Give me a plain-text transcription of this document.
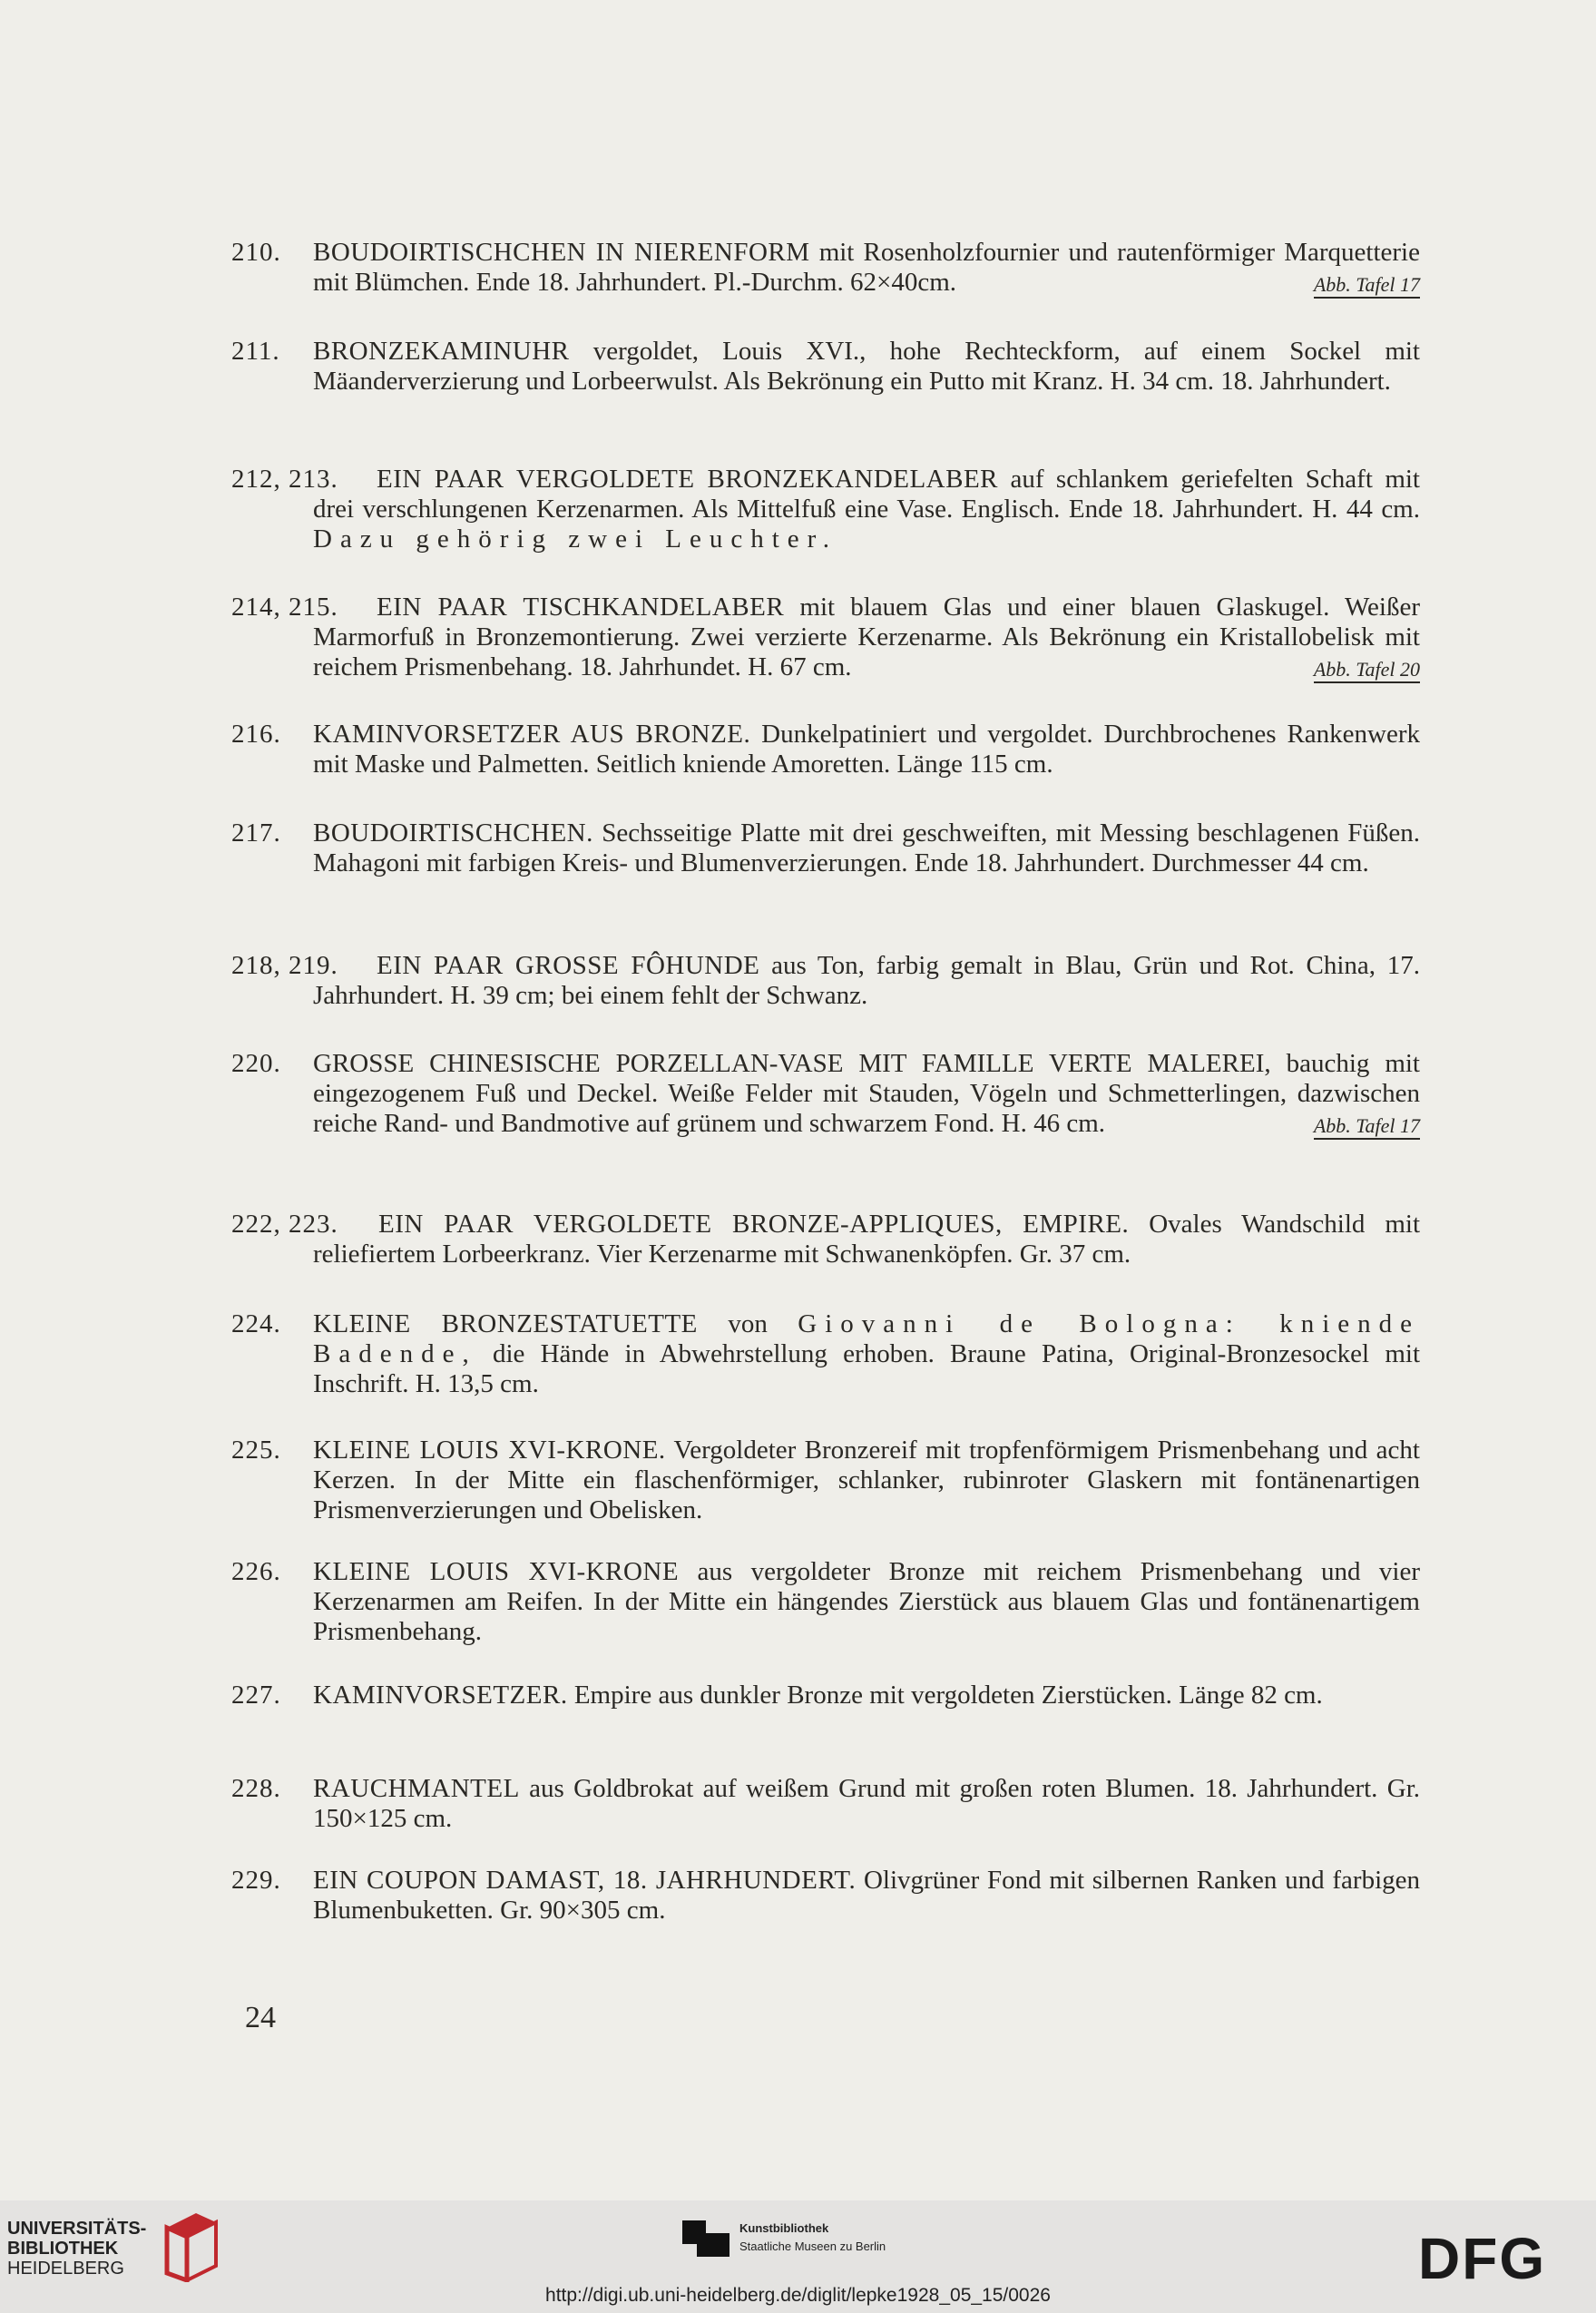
210.	BOUDOIRTISCHCHEN IN NIERENFORM mit Rosenholzfournier und rautenförmiger Marquetterie mit Blümchen. Ende 18. Jahrhundert. Pl.-Durchm. 62×40cm.	Abb. Tafel 17
211.	BRONZEKAMINUHR vergoldet, Louis XVI., hohe Rechteckform, auf einem Sockel mit Mäanderverzierung und Lorbeerwulst. Als Bekrönung ein Putto mit Kranz. H. 34 cm. 18. Jahrhundert.
212, 213.	EIN PAAR VERGOLDETE BRONZEKANDELABER auf schlankem geriefelten Schaft mit drei verschlungenen Kerzenarmen. Als Mittelfuß eine Vase. Englisch. Ende 18. Jahrhundert. H. 44 cm. Dazu gehörig zwei Leuchter.
214, 215.	EIN PAAR TISCHKANDELABER mit blauem Glas und einer blauen Glaskugel. Weißer Marmorfuß in Bronzemontierung. Zwei verzierte Kerzenarme. Als Bekrönung ein Kristallobelisk mit reichem Prismenbehang. 18. Jahrhundet. H. 67 cm.	Abb. Tafel 20
216.	KAMINVORSETZER AUS BRONZE. Dunkelpatiniert und vergoldet. Durchbrochenes Rankenwerk mit Maske und Palmetten. Seitlich kniende Amoretten. Länge 115 cm.
217.	BOUDOIRTISCHCHEN. Sechsseitige Platte mit drei geschweiften, mit Messing beschlagenen Füßen. Mahagoni mit farbigen Kreis- und Blumenverzierungen. Ende 18. Jahrhundert. Durchmesser 44 cm.
218, 219.	EIN PAAR GROSSE FÔHUNDE aus Ton, farbig gemalt in Blau, Grün und Rot. China, 17. Jahrhundert. H. 39 cm; bei einem fehlt der Schwanz.
220.	GROSSE CHINESISCHE PORZELLAN-VASE MIT FAMILLE VERTE MALEREI, bauchig mit eingezogenem Fuß und Deckel. Weiße Felder mit Stauden, Vögeln und Schmetterlingen, dazwischen reiche Rand- und Bandmotive auf grünem und schwarzem Fond. H. 46 cm.	Abb. Tafel 17
222, 223.	EIN PAAR VERGOLDETE BRONZE-APPLIQUES, EMPIRE. Ovales Wandschild mit reliefiertem Lorbeerkranz. Vier Kerzenarme mit Schwanenköpfen. Gr. 37 cm.
224.	KLEINE BRONZESTATUETTE von Giovanni de Bologna: kniende Badende, die Hände in Abwehrstellung erhoben. Braune Patina, Original-Bronzesockel mit Inschrift. H. 13,5 cm.
225.	KLEINE LOUIS XVI-KRONE. Vergoldeter Bronzereif mit tropfenförmigem Prismenbehang und acht Kerzen. In der Mitte ein flaschenförmiger, schlanker, rubinroter Glaskern mit fontänenartigen Prismenverzierungen und Obelisken.
226.	KLEINE LOUIS XVI-KRONE aus vergoldeter Bronze mit reichem Prismenbehang und vier Kerzenarmen am Reifen. In der Mitte ein hängendes Zierstück aus blauem Glas und fontänenartigem Prismenbehang.
227.	KAMINVORSETZER. Empire aus dunkler Bronze mit vergoldeten Zierstücken. Länge 82 cm.
228.	RAUCHMANTEL aus Goldbrokat auf weißem Grund mit großen roten Blumen. 18. Jahrhundert. Gr. 150×125 cm.
229.	EIN COUPON DAMAST, 18. JAHRHUNDERT. Olivgrüner Fond mit silbernen Ranken und farbigen Blumenbuketten. Gr. 90×305 cm.
24
UNIVERSITÄTS-
BIBLIOTHEK
HEIDELBERG
Kunstbibliothek
Staatliche Museen zu Berlin	DFG
http://digi.ub.uni-heidelberg.de/diglit/lepke1928_05_15/0026
